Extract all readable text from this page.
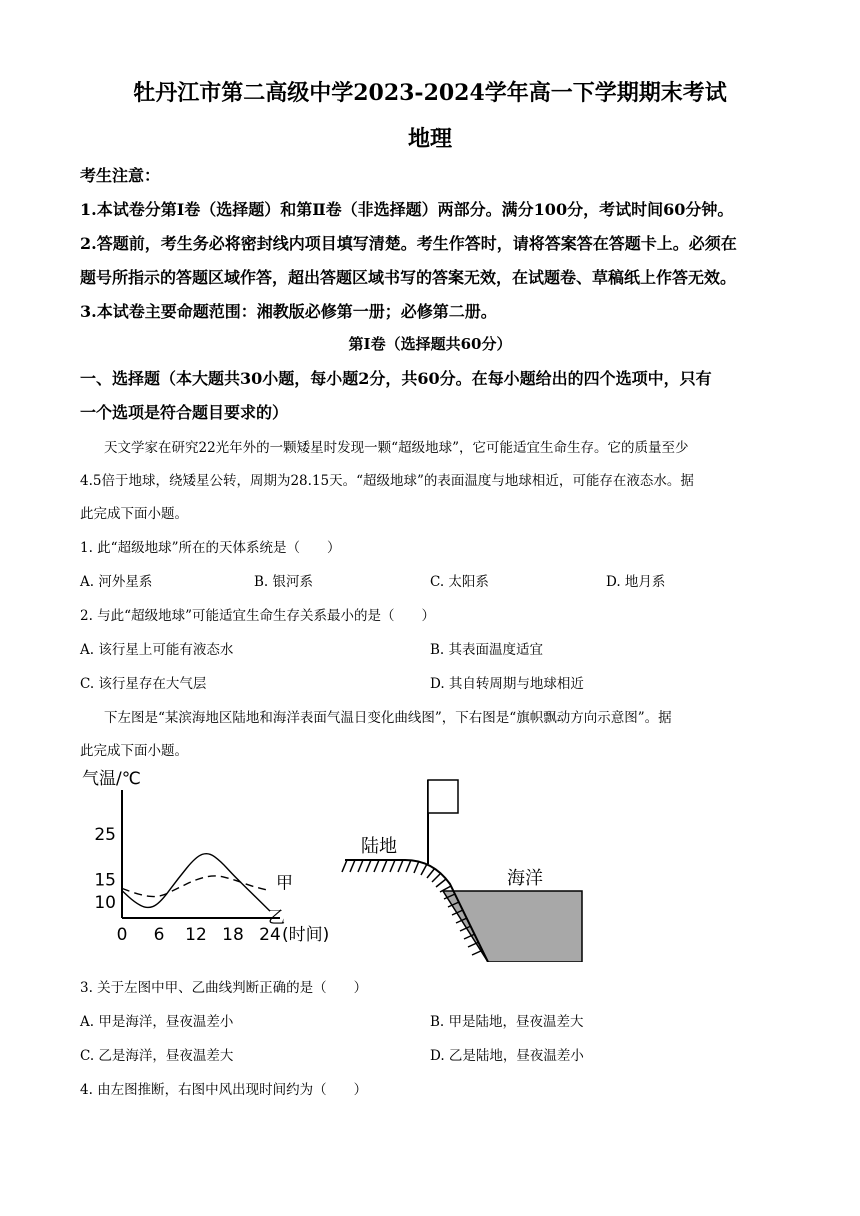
牡丹江市第二高级中学2023-2024学年高一下学期期末考试
地理
考生注意：
1.本试卷分第Ⅰ卷（选择题）和第Ⅱ卷（非选择题）两部分。满分100分，考试时间60分钟。
2.答题前，考生务必将密封线内项目填写清楚。考生作答时，请将答案答在答题卡上。必须在
题号所指示的答题区域作答，超出答题区域书写的答案无效，在试题卷、草稿纸上作答无效。
3.本试卷主要命题范围：湘教版必修第一册；必修第二册。
第Ⅰ卷（选择题共60分）
一、选择题（本大题共30小题，每小题2分，共60分。在每小题给出的四个选项中，只有
一个选项是符合题目要求的）
天文学家在研究22光年外的一颗矮星时发现一颗“超级地球”，它可能适宜生命生存。它的质量至少
4.5倍于地球，绕矮星公转，周期为28.15天。“超级地球”的表面温度与地球相近，可能存在液态水。据
此完成下面小题。
1. 此“超级地球”所在的天体系统是（　　）
A. 河外星系	B. 银河系	C. 太阳系	D. 地月系
2. 与此“超级地球”可能适宜生命生存关系最小的是（　　）
A. 该行星上可能有液态水	B. 其表面温度适宜
C. 该行星存在大气层	D. 其自转周期与地球相近
下左图是“某滨海地区陆地和海洋表面气温日变化曲线图”，下右图是“旗帜飘动方向示意图”。据
此完成下面小题。
气温/℃
10
15
25
0 6 12 18 24 (时间)
甲
乙
陆地
海洋
3. 关于左图中甲、乙曲线判断正确的是（　　）
A. 甲是海洋，昼夜温差小	B. 甲是陆地，昼夜温差大
C. 乙是海洋，昼夜温差大	D. 乙是陆地，昼夜温差小
4. 由左图推断，右图中风出现时间约为（　　）
